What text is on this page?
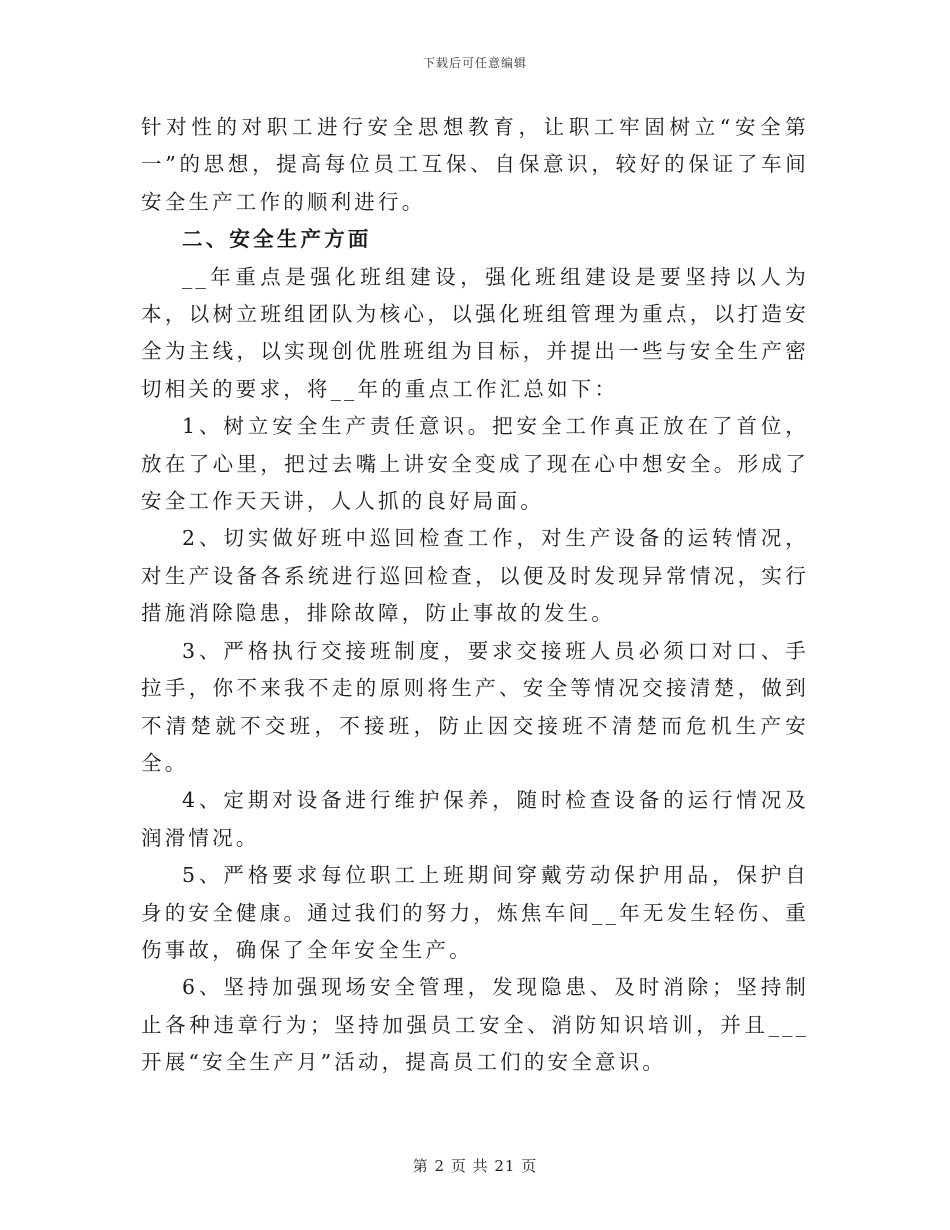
下载后可任意编辑

针对性的对职工进行安全思想教育，让职工牢固树立“安全第一”的思想，提高每位员工互保、自保意识，较好的保证了车间安全生产工作的顺利进行。

二、安全生产方面

__年重点是强化班组建设，强化班组建设是要坚持以人为本，以树立班组团队为核心，以强化班组管理为重点，以打造安全为主线，以实现创优胜班组为目标，并提出一些与安全生产密切相关的要求，将__年的重点工作汇总如下：

1、树立安全生产责任意识。把安全工作真正放在了首位，放在了心里，把过去嘴上讲安全变成了现在心中想安全。形成了安全工作天天讲，人人抓的良好局面。

2、切实做好班中巡回检查工作，对生产设备的运转情况，对生产设备各系统进行巡回检查，以便及时发现异常情况，实行措施消除隐患，排除故障，防止事故的发生。

3、严格执行交接班制度，要求交接班人员必须口对口、手拉手，你不来我不走的原则将生产、安全等情况交接清楚，做到不清楚就不交班，不接班，防止因交接班不清楚而危机生产安全。

4、定期对设备进行维护保养，随时检查设备的运行情况及润滑情况。

5、严格要求每位职工上班期间穿戴劳动保护用品，保护自身的安全健康。通过我们的努力，炼焦车间__年无发生轻伤、重伤事故，确保了全年安全生产。

6、坚持加强现场安全管理，发现隐患、及时消除；坚持制止各种违章行为；坚持加强员工安全、消防知识培训，并且___开展“安全生产月”活动，提高员工们的安全意识。

第 2 页 共 21 页
